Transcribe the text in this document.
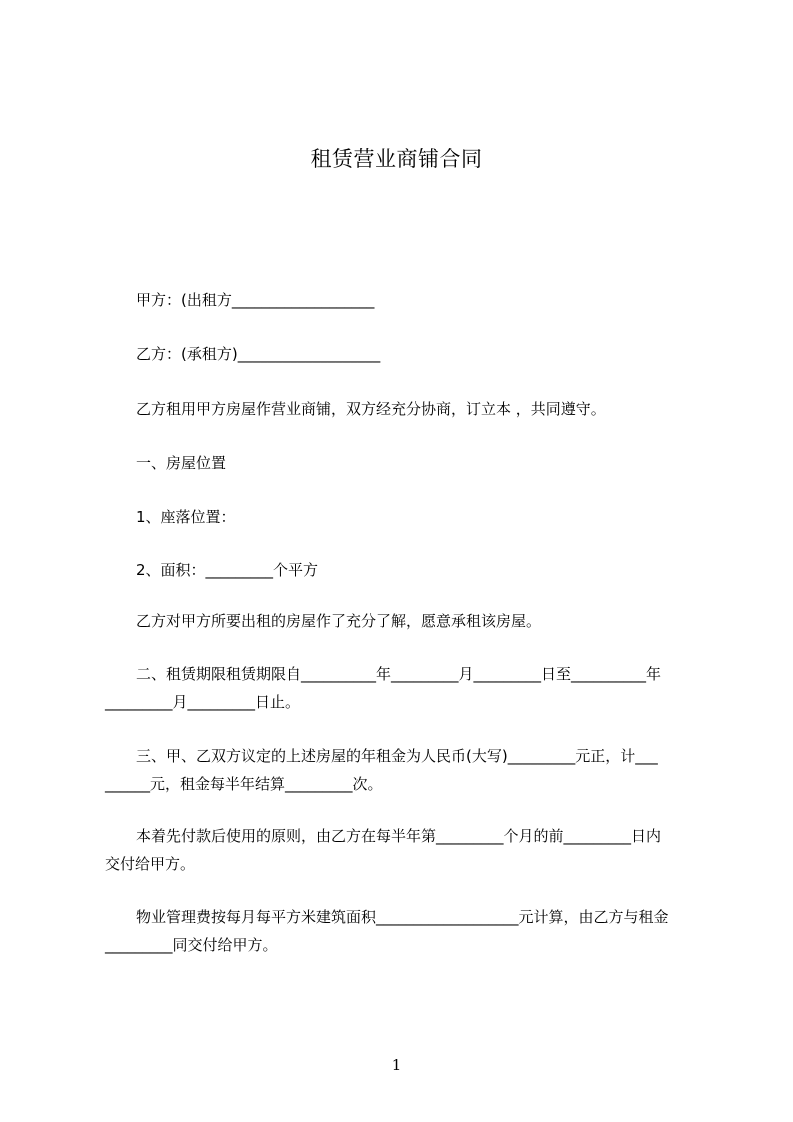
租赁营业商铺合同
甲方：(出租方___________________
乙方：(承租方)___________________
乙方租用甲方房屋作营业商铺，双方经充分协商，订立本 ，共同遵守。
一、房屋位置
1、座落位置：
2、面积：_________个平方
乙方对甲方所要出租的房屋作了充分了解，愿意承租该房屋。
二、租赁期限租赁期限自__________年_________月_________日至__________年
_________月_________日止。
三、甲、乙双方议定的上述房屋的年租金为人民币(大写)_________元正，计___
______元，租金每半年结算_________次。
本着先付款后使用的原则，由乙方在每半年第_________个月的前_________日内
交付给甲方。
物业管理费按每月每平方米建筑面积___________________元计算，由乙方与租金
_________同交付给甲方。
1
